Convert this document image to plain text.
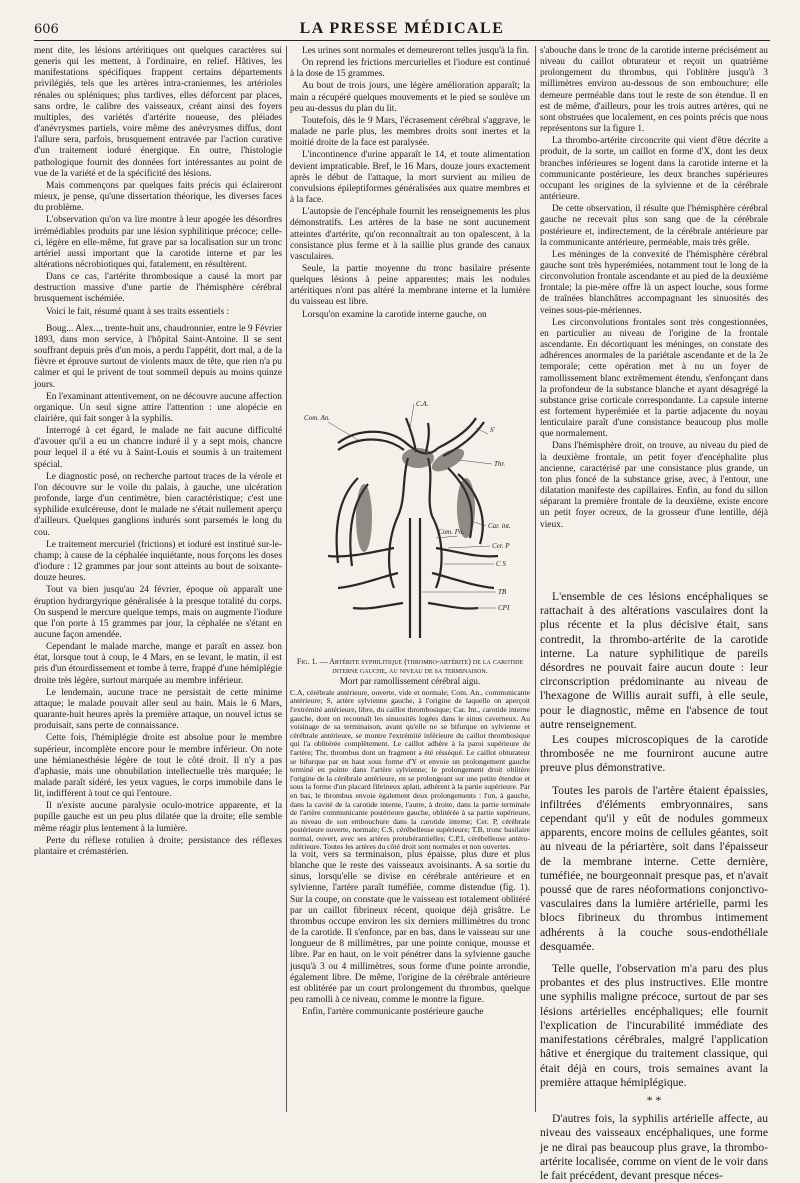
606	LA PRESSE MÉDICALE

ment dite, les lésions artéritiques ont quelques caractères sui generis qui les mettent, à l'ordinaire, en relief. Hâtives, les manifestations spécifiques frappent certains départements privilégiés, tels que les artères intra-craniennes, les artérioles rénales ou spléniques; plus tardives, elles déforcent par places, sans ordre, le calibre des vaisseaux, créant ainsi des foyers multiples, des variétés d'artérite noueuse, des pléiades d'anévrysmes partiels, voire même des anévrysmes diffus, dont l'allure sera, parfois, brusquement entravée par l'action curative d'un traitement ioduré énergique. En outre, l'histologie pathologique fournit des données fort intéressantes au point de vue de la variété et de la spécificité des lésions.

Mais commençons par quelques faits précis qui éclaireront mieux, je pense, qu'une dissertation théorique, les diverses faces du problème.

L'observation qu'on va lire montre à leur apogée les désordres irrémédiables produits par une lésion syphilitique précoce; celle-ci, légère en elle-même, fut grave par sa localisation sur un tronc artériel aussi important que la carotide interne et par les altérations nécrobiotiques qui, fatalement, en résultèrent.

Dans ce cas, l'artérite thrombosique a causé la mort par destruction massive d'une partie de l'hémisphère cérébral brusquement ischémiée.

Voici le fait, résumé quant à ses traits essentiels :

Boug... Alex..., trente-huit ans, chaudronnier, entre le 9 Février 1893, dans mon service, à l'hôpital Saint-Antoine. Il se sent souffrant depuis près d'un mois, a perdu l'appétit, dort mal, a de la fièvre et éprouve surtout de violents maux de tête, que rien n'a pu calmer et qui le privent de tout sommeil depuis au moins quinze jours.

En l'examinant attentivement, on ne découvre aucune affection organique. Un seul signe attire l'attention : une alopécie en clairière, qui fait songer à la syphilis.

Interrogé à cet égard, le malade ne fait aucune difficulté d'avouer qu'il a eu un chancre induré il y a sept mois, chancre pour lequel il a été vu à Saint-Louis et soumis à un traitement spécial.

Le diagnostic posé, on recherche partout traces de la vérole et l'on découvre sur le voile du palais, à gauche, une ulcération profonde, large d'un centimètre, bien caractéristique; c'est une syphilide exulcéreuse, dont le malade ne s'était nullement aperçu d'ailleurs. Quelques ganglions indurés sont parsemés le long du cou.

Le traitement mercuriel (frictions) et ioduré est institué sur-le-champ; à cause de la céphalée inquiétante, nous forçons les doses d'iodure : 12 grammes par jour sont atteints au bout de soixante-douze heures.

Tout va bien jusqu'au 24 février, époque où apparaît une éruption hydrargyrique généralisée à la presque totalité du corps. On suspend le mercure quelque temps, mais on augmente l'iodure que l'on porte à 15 grammes par jour, la céphalée ne s'étant en aucune façon amendée.

Cependant le malade marche, mange et paraît en assez bon état, lorsque tout à coup, le 4 Mars, en se levant, le matin, il est pris d'un étourdissement et tombe à terre, frappé d'une hémiplégie droite très légère, surtout marquée au membre inférieur.

Le lendemain, aucune trace ne persistait de cette minime attaque; le malade pouvait aller seul au bain. Mais le 6 Mars, quarante-huit heures après la première attaque, un nouvel ictus se produisait, sans perte de connaissance.

Cette fois, l'hémiplégie droite est absolue pour le membre supérieur, incomplète encore pour le membre inférieur. On note une hémianesthésie légère de tout le côté droit. Il n'y a pas d'aphasie, mais une obnubilation intellectuelle très marquée; le malade paraît sidéré, les yeux vagues, le corps immobile dans le lit, indifférent à tout ce qui l'entoure.

Il n'existe aucune paralysie oculo-motrice apparente, et la pupille gauche est un peu plus dilatée que la droite; elle semble même réagir plus lentement à la lumière.

Perte du réflexe rotulien à droite; persistance des réflexes plantaire et crémastérien.

Les urines sont normales et demeureront telles jusqu'à la fin.

On reprend les frictions mercurielles et l'iodure est continué à la dose de 15 grammes.

Au bout de trois jours, une légère amélioration apparaît; la main a récupéré quelques mouvements et le pied se soulève un peu au-dessus du plan du lit.

Toutefois, dès le 9 Mars, l'écrasement cérébral s'aggrave, le malade ne parle plus, les membres droits sont inertes et la moitié droite de la face est paralysée.

L'incontinence d'urine apparaît le 14, et toute alimentation devient impraticable. Bref, le 16 Mars, douze jours exactement après le début de l'attaque, la mort survient au milieu de convulsions épileptiformes généralisées aux quatre membres et à la face.

L'autopsie de l'encéphale fournit les renseignements les plus démonstratifs. Les artères de la base ne sont aucunement atteintes d'artérite, qu'on reconnaîtrait au ton opalescent, à la consistance plus ferme et à la saillie plus grande des canaux vasculaires.

Seule, la partie moyenne du tronc basilaire présente quelques lésions à peine apparentes; mais les nodules artéritiques n'ont pas altéré la membrane interne et la lumière du vaisseau est libre.

Lorsqu'on examine la carotide interne gauche, on

C.A.
Com. An.
S'
Thr.
Car. int.
Com. Po.
Cer. P
C S
TB
CPI
Fig. 1. — Artérite syphilitique (thrombo-artérite) de la carotide interne gauche, au niveau de sa terminaison.
Mort par ramollissement cérébral aigu.
C.A, cérébrale antérieure, ouverte, vide et normale; Com. An., communicante antérieure; S, artère sylvienne gauche, à l'origine de laquelle on aperçoit l'extrémité antérieure, libre, du caillot thrombosique; Car. Int., carotide interne gauche, dont on reconnaît les sinuosités logées dans le sinus caverneux. Au voisinage de sa terminaison, avant qu'elle ne se bifurque en sylvienne et cérébrale antérieure, se montre l'extrémité inférieure du caillot thrombosique qui l'a oblitérée complètement. Le caillot adhère à la paroi supérieure de l'artère; Thr, thrombus dont un fragment a été résséqué. Le caillot obturateur se bifurque par en haut sous forme d'Y et envoie un prolongement gauche terminé en pointe dans l'artère sylvienne; le prolongement droit oblitère l'origine de la cérébrale antérieure, en se prolongeant sur une petite étendue et sous la forme d'un placard fibrineux aplati, adhérent à la partie supérieure. Par en bas, le thrombus envoie également deux prolongements : l'un, à gauche, dans la cavité de la carotide interne, l'autre, à droite, dans la partie terminale de l'artère communicante postérieure gauche, oblitérée à sa partie supérieure, au niveau de son embouchure dans la carotide interne; Cer. P, cérébrale postérieure ouverte, normale; C.S, cérébelleuse supérieure; T.B, tronc basilaire normal, ouvert, avec ses artères protubérantielles; C.P.I, cérébelleuse antéro-inférieure. Toutes les artères du côté droit sont normales et non ouvertes.

la voit, vers sa terminaison, plus épaisse, plus dure et plus blanche que le reste des vaisseaux avoisinants. A sa sortie du sinus, lorsqu'elle se divise en cérébrale antérieure et en sylvienne, l'artère paraît tuméfiée, comme distendue (fig. 1). Sur la coupe, on constate que le vaisseau est totalement oblitéré par un caillot fibrineux récent, quoique déjà grisâtre. Le thrombus occupe environ les six derniers millimètres du tronc de la carotide. Il s'enfonce, par en bas, dans le vaisseau sur une longueur de 8 millimètres, par une pointe conique, mousse et libre. Par en haut, on le voit pénétrer dans la sylvienne gauche jusqu'à 3 ou 4 millimètres, sous forme d'une pointe arrondie, également libre. De même, l'origine de la cérébrale antérieure est oblitérée par un court prolongement du thrombus, quelque peu ramolli à ce niveau, comme le montre la figure.

Enfin, l'artère communicante postérieure gauche

s'abouche dans le tronc de la carotide interne précisément au niveau du caillot obturateur et reçoit un quatrième prolongement du thrombus, qui l'oblitère jusqu'à 3 millimètres environ au-dessous de son embouchure; elle demeure perméable dans tout le reste de son étendue. Il en est de même, d'ailleurs, pour les trois autres artères, qui ne sont obstruées que localement, en ces points précis que nous représentons sur la figure 1.

La thrombo-artérite circoncrite qui vient d'être décrite a produit, de la sorte, un caillot en forme d'X, dont les deux branches inférieures se logent dans la carotide interne et la communicante postérieure, les deux branches supérieures occupant les origines de la sylvienne et de la cérébrale antérieure.

De cette observation, il résulte que l'hémisphère cérébral gauche ne recevait plus son sang que de la cérébrale postérieure et, indirectement, de la cérébrale antérieure par la communicante antérieure, perméable, mais très grêle.

Les méninges de la convexité de l'hémisphère cérébral gauche sont très hyperémiées, notamment tout le long de la circonvolution frontale ascendante et au pied de la deuxième frontale; la pie-mère offre là un aspect louche, sous forme de traînées blanchâtres accompagnant les sinuosités des veines sous-pie-mériennes.

Les circonvolutions frontales sont très congestionnées, en particulier au niveau de l'origine de la frontale ascendante. En décortiquant les méninges, on constate des adhérences anormales de la pariétale ascendante et de la 2e temporale; cette opération met à nu un foyer de ramollissement blanc extrêmement étendu, s'enfonçant dans la profondeur de la substance blanche et ayant désagrégé la substance grise corticale correspondante. La capsule interne est fortement hyperémiée et la partie adjacente du noyau lenticulaire paraît d'une consistance beaucoup plus molle que normalement.

Dans l'hémisphère droit, on trouve, au niveau du pied de la deuxième frontale, un petit foyer d'encéphalite plus ancienne, caractérisé par une consistance plus grande, un ton plus foncé de la substance grise, avec, à l'entour, une dilatation manifeste des capillaires. Enfin, au fond du sillon séparant la première frontale de la deuxième, existe encore un petit foyer ocreux, de la grosseur d'une lentille, déjà vieux.

L'ensemble de ces lésions encéphaliques se rattachait à des altérations vasculaires dont la plus récente et la plus décisive était, sans contredit, la thrombo-artérite de la carotide interne. La nature syphilitique de pareils désordres ne pouvait faire aucun doute : leur circonscription prédominante au niveau de l'hexagone de Willis aurait suffi, à elle seule, pour le diagnostic, même en l'absence de tout autre renseignement.

Les coupes microscopiques de la carotide thrombosée ne me fourniront aucune autre preuve plus démonstrative.

Toutes les parois de l'artère étaient épaissies, infiltrées d'éléments embryonnaires, sans cependant qu'il y eût de nodules gommeux apparents, encore moins de cellules géantes, soit au niveau de la périartère, soit dans l'épaisseur de la membrane interne. Cette dernière, tuméfiée, ne bourgeonnait presque pas, et n'avait poussé que de rares néoformations conjonctivo-vasculaires dans la lumière artérielle, parmi les blocs fibrineux du thrombus intimement adhérents à la couche sous-endothéliale desquamée.

Telle quelle, l'observation m'a paru des plus probantes et des plus instructives. Elle montre une syphilis maligne précoce, surtout de par ses lésions artérielles encéphaliques; elle fournit l'explication de l'incurabilité immédiate des manifestations cérébrales, malgré l'application hâtive et énergique du traitement classique, qui était déjà en cours, trois semaines avant la première attaque hémiplégique.

* *

D'autres fois, la syphilis artérielle affecte, au niveau des vaisseaux encéphaliques, une forme je ne dirai pas beaucoup plus grave, la thrombo-artérite localisée, comme on vient de le voir dans le fait précédent, devant presque néces-
